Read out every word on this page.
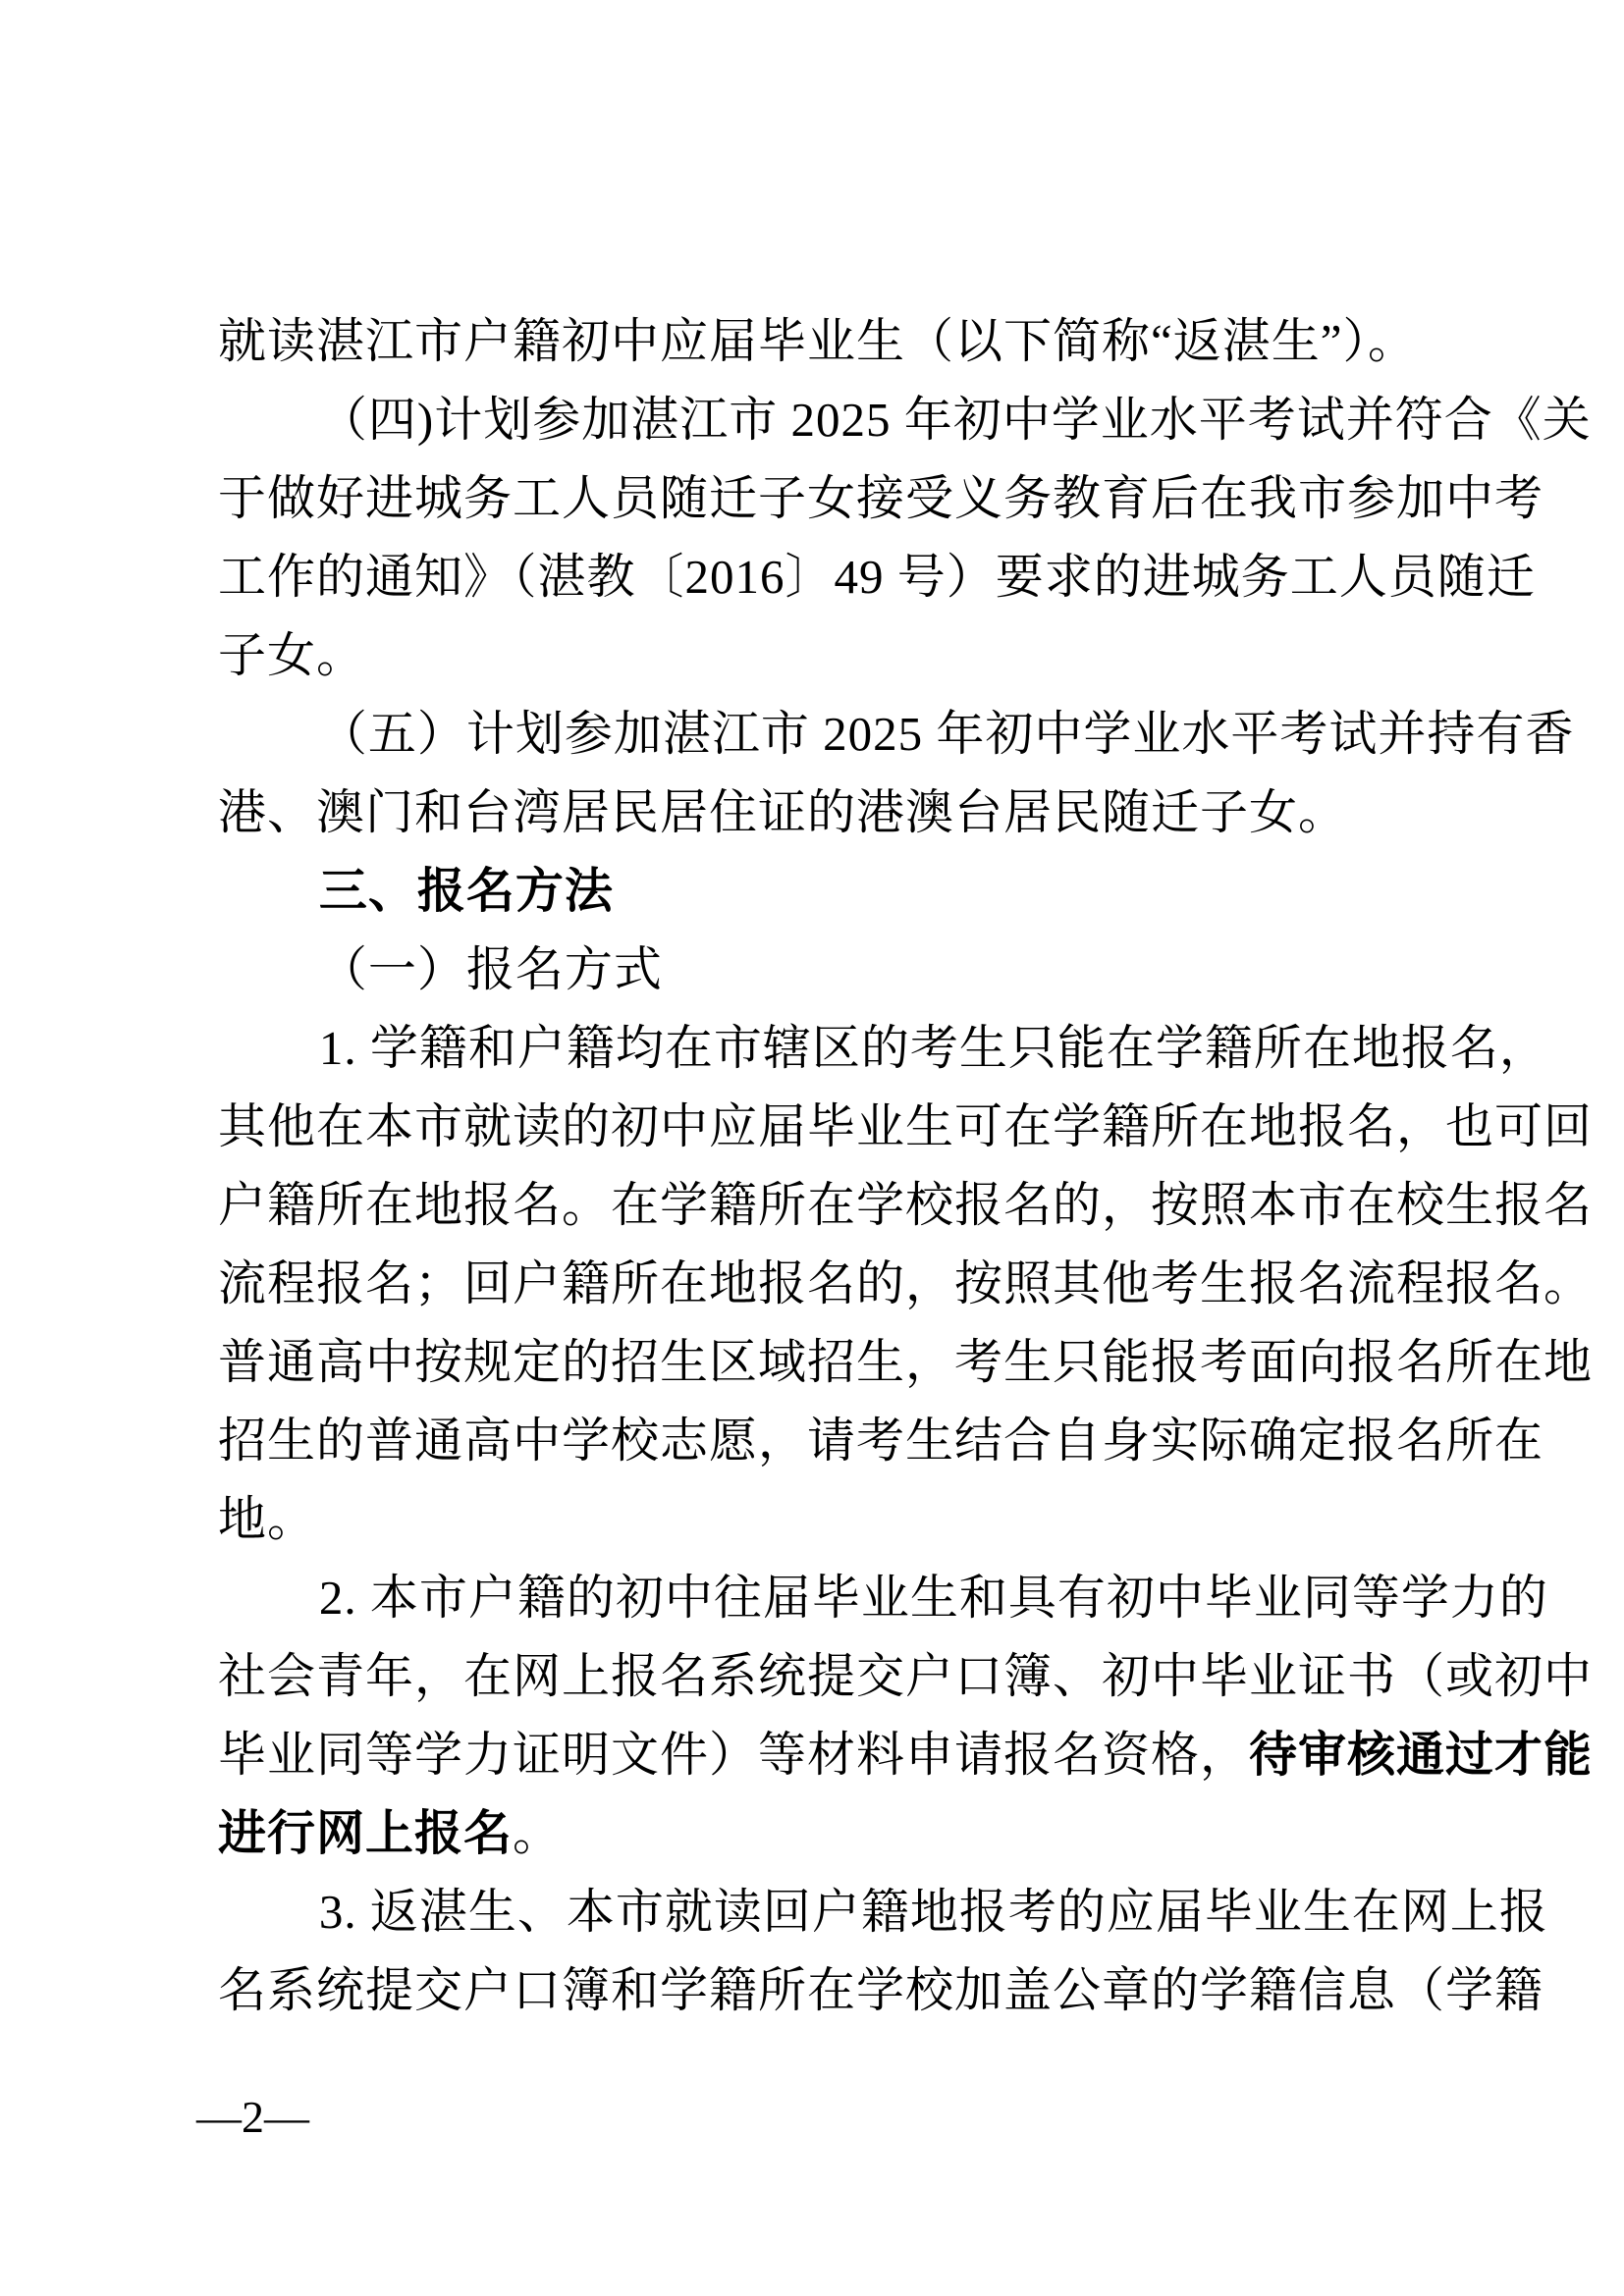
就读湛江市户籍初中应届毕业生（以下简称“返湛生”）。
（四)计划参加湛江市 2025 年初中学业水平考试并符合《关
于做好进城务工人员随迁子女接受义务教育后在我市参加中考
工作的通知》（湛教〔2016〕49 号）要求的进城务工人员随迁
子女。
（五）计划参加湛江市 2025 年初中学业水平考试并持有香
港、澳门和台湾居民居住证的港澳台居民随迁子女。
三、报名方法
（一）报名方式
1. 学籍和户籍均在市辖区的考生只能在学籍所在地报名，
其他在本市就读的初中应届毕业生可在学籍所在地报名，也可回
户籍所在地报名。在学籍所在学校报名的，按照本市在校生报名
流程报名；回户籍所在地报名的，按照其他考生报名流程报名。
普通高中按规定的招生区域招生，考生只能报考面向报名所在地
招生的普通高中学校志愿，请考生结合自身实际确定报名所在
地。
2. 本市户籍的初中往届毕业生和具有初中毕业同等学力的
社会青年，在网上报名系统提交户口簿、初中毕业证书（或初中
毕业同等学力证明文件）等材料申请报名资格，待审核通过才能
进行网上报名。
3. 返湛生、本市就读回户籍地报考的应届毕业生在网上报
名系统提交户口簿和学籍所在学校加盖公章的学籍信息（学籍
—2—
